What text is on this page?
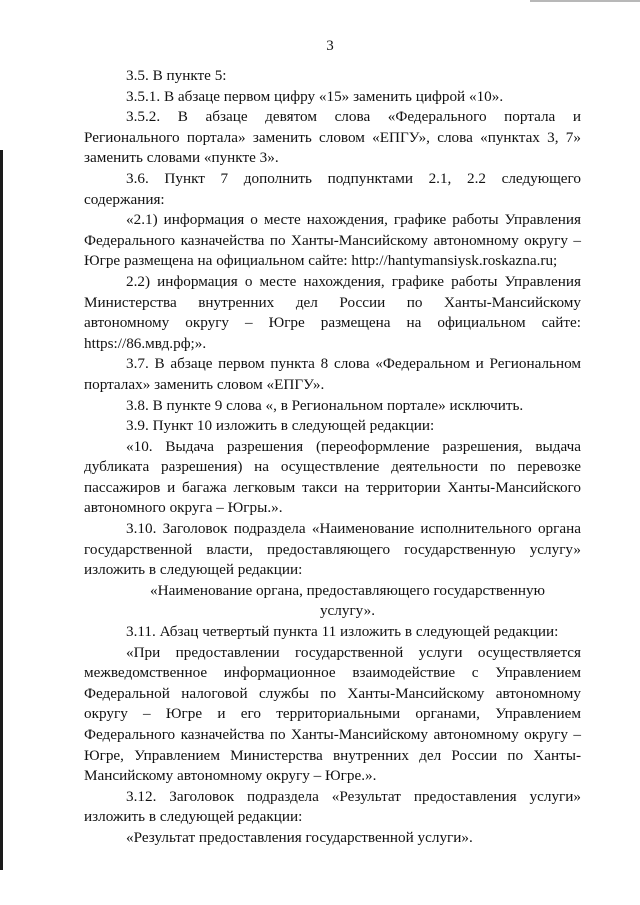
3

3.5. В пункте 5:

3.5.1. В абзаце первом цифру «15» заменить цифрой «10».

3.5.2. В абзаце девятом слова «Федерального портала и Регионального портала» заменить словом «ЕПГУ», слова «пунктах 3, 7» заменить словами «пункте 3».

3.6. Пункт 7 дополнить подпунктами 2.1, 2.2 следующего содержания:

«2.1) информация о месте нахождения, графике работы Управления Федерального казначейства по Ханты-Мансийскому автономному округу – Югре размещена на официальном сайте: http://hantymansiysk.roskazna.ru;

2.2) информация о месте нахождения, графике работы Управления Министерства внутренних дел России по Ханты-Мансийскому автономному округу – Югре размещена на официальном сайте: https://86.мвд.рф;».

3.7. В абзаце первом пункта 8 слова «Федеральном и Региональном порталах» заменить словом «ЕПГУ».

3.8. В пункте 9 слова «, в Региональном портале» исключить.

3.9. Пункт 10 изложить в следующей редакции:

«10. Выдача разрешения (переоформление разрешения, выдача дубликата разрешения) на осуществление деятельности по перевозке пассажиров и багажа легковым такси на территории Ханты-Мансийского автономного округа – Югры.».

3.10. Заголовок подраздела «Наименование исполнительного органа государственной власти, предоставляющего государственную услугу» изложить в следующей редакции:

«Наименование органа, предоставляющего государственную услугу».

3.11. Абзац четвертый пункта 11 изложить в следующей редакции:

«При предоставлении государственной услуги осуществляется межведомственное информационное взаимодействие с Управлением Федеральной налоговой службы по Ханты-Мансийскому автономному округу – Югре и его территориальными органами, Управлением Федерального казначейства по Ханты-Мансийскому автономному округу – Югре, Управлением Министерства внутренних дел России по Ханты-Мансийскому автономному округу – Югре.».

3.12. Заголовок подраздела «Результат предоставления услуги» изложить в следующей редакции:

«Результат предоставления государственной услуги».
